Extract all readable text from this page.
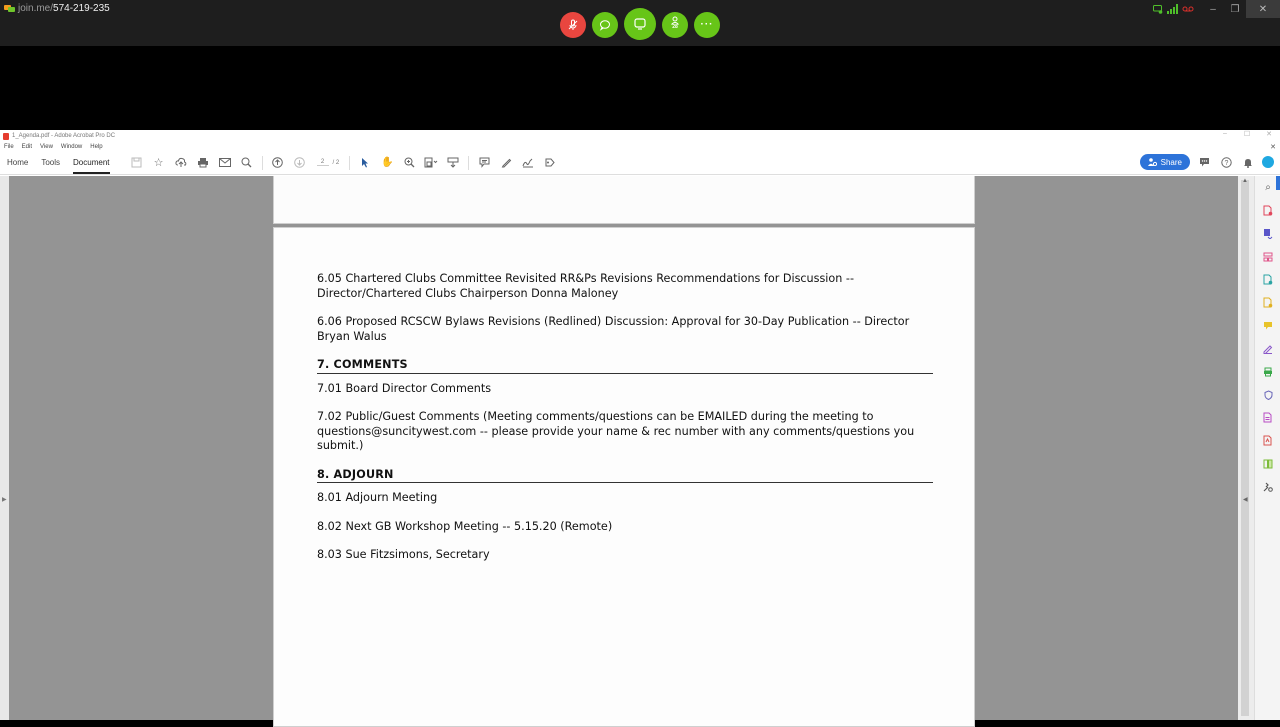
join.me/ 574-219-235
28 ···
–	❐	✕
1_Agenda.pdf - Adobe Acrobat Pro DC	–	☐	✕
File Edit View Window Help	✕
Home Tools Document	☆	2	/ 2	✋	Share	?
▶
6.05 Chartered Clubs Committee Revisited RR&Ps Revisions Recommendations for Discussion -- Director/Chartered Clubs Chairperson Donna Maloney
6.06 Proposed RCSCW Bylaws Revisions (Redlined) Discussion: Approval for 30-Day Publication -- Director Bryan Walus
7. COMMENTS
7.01 Board Director Comments
7.02 Public/Guest Comments (Meeting comments/questions can be EMAILED during the meeting to questions@suncitywest.com -- please provide your name & rec number with any comments/questions you submit.)
8. ADJOURN
8.01 Adjourn Meeting
8.02 Next GB Workshop Meeting -- 5.15.20 (Remote)
8.03 Sue Fitzsimons, Secretary
▲
◀
⌕
